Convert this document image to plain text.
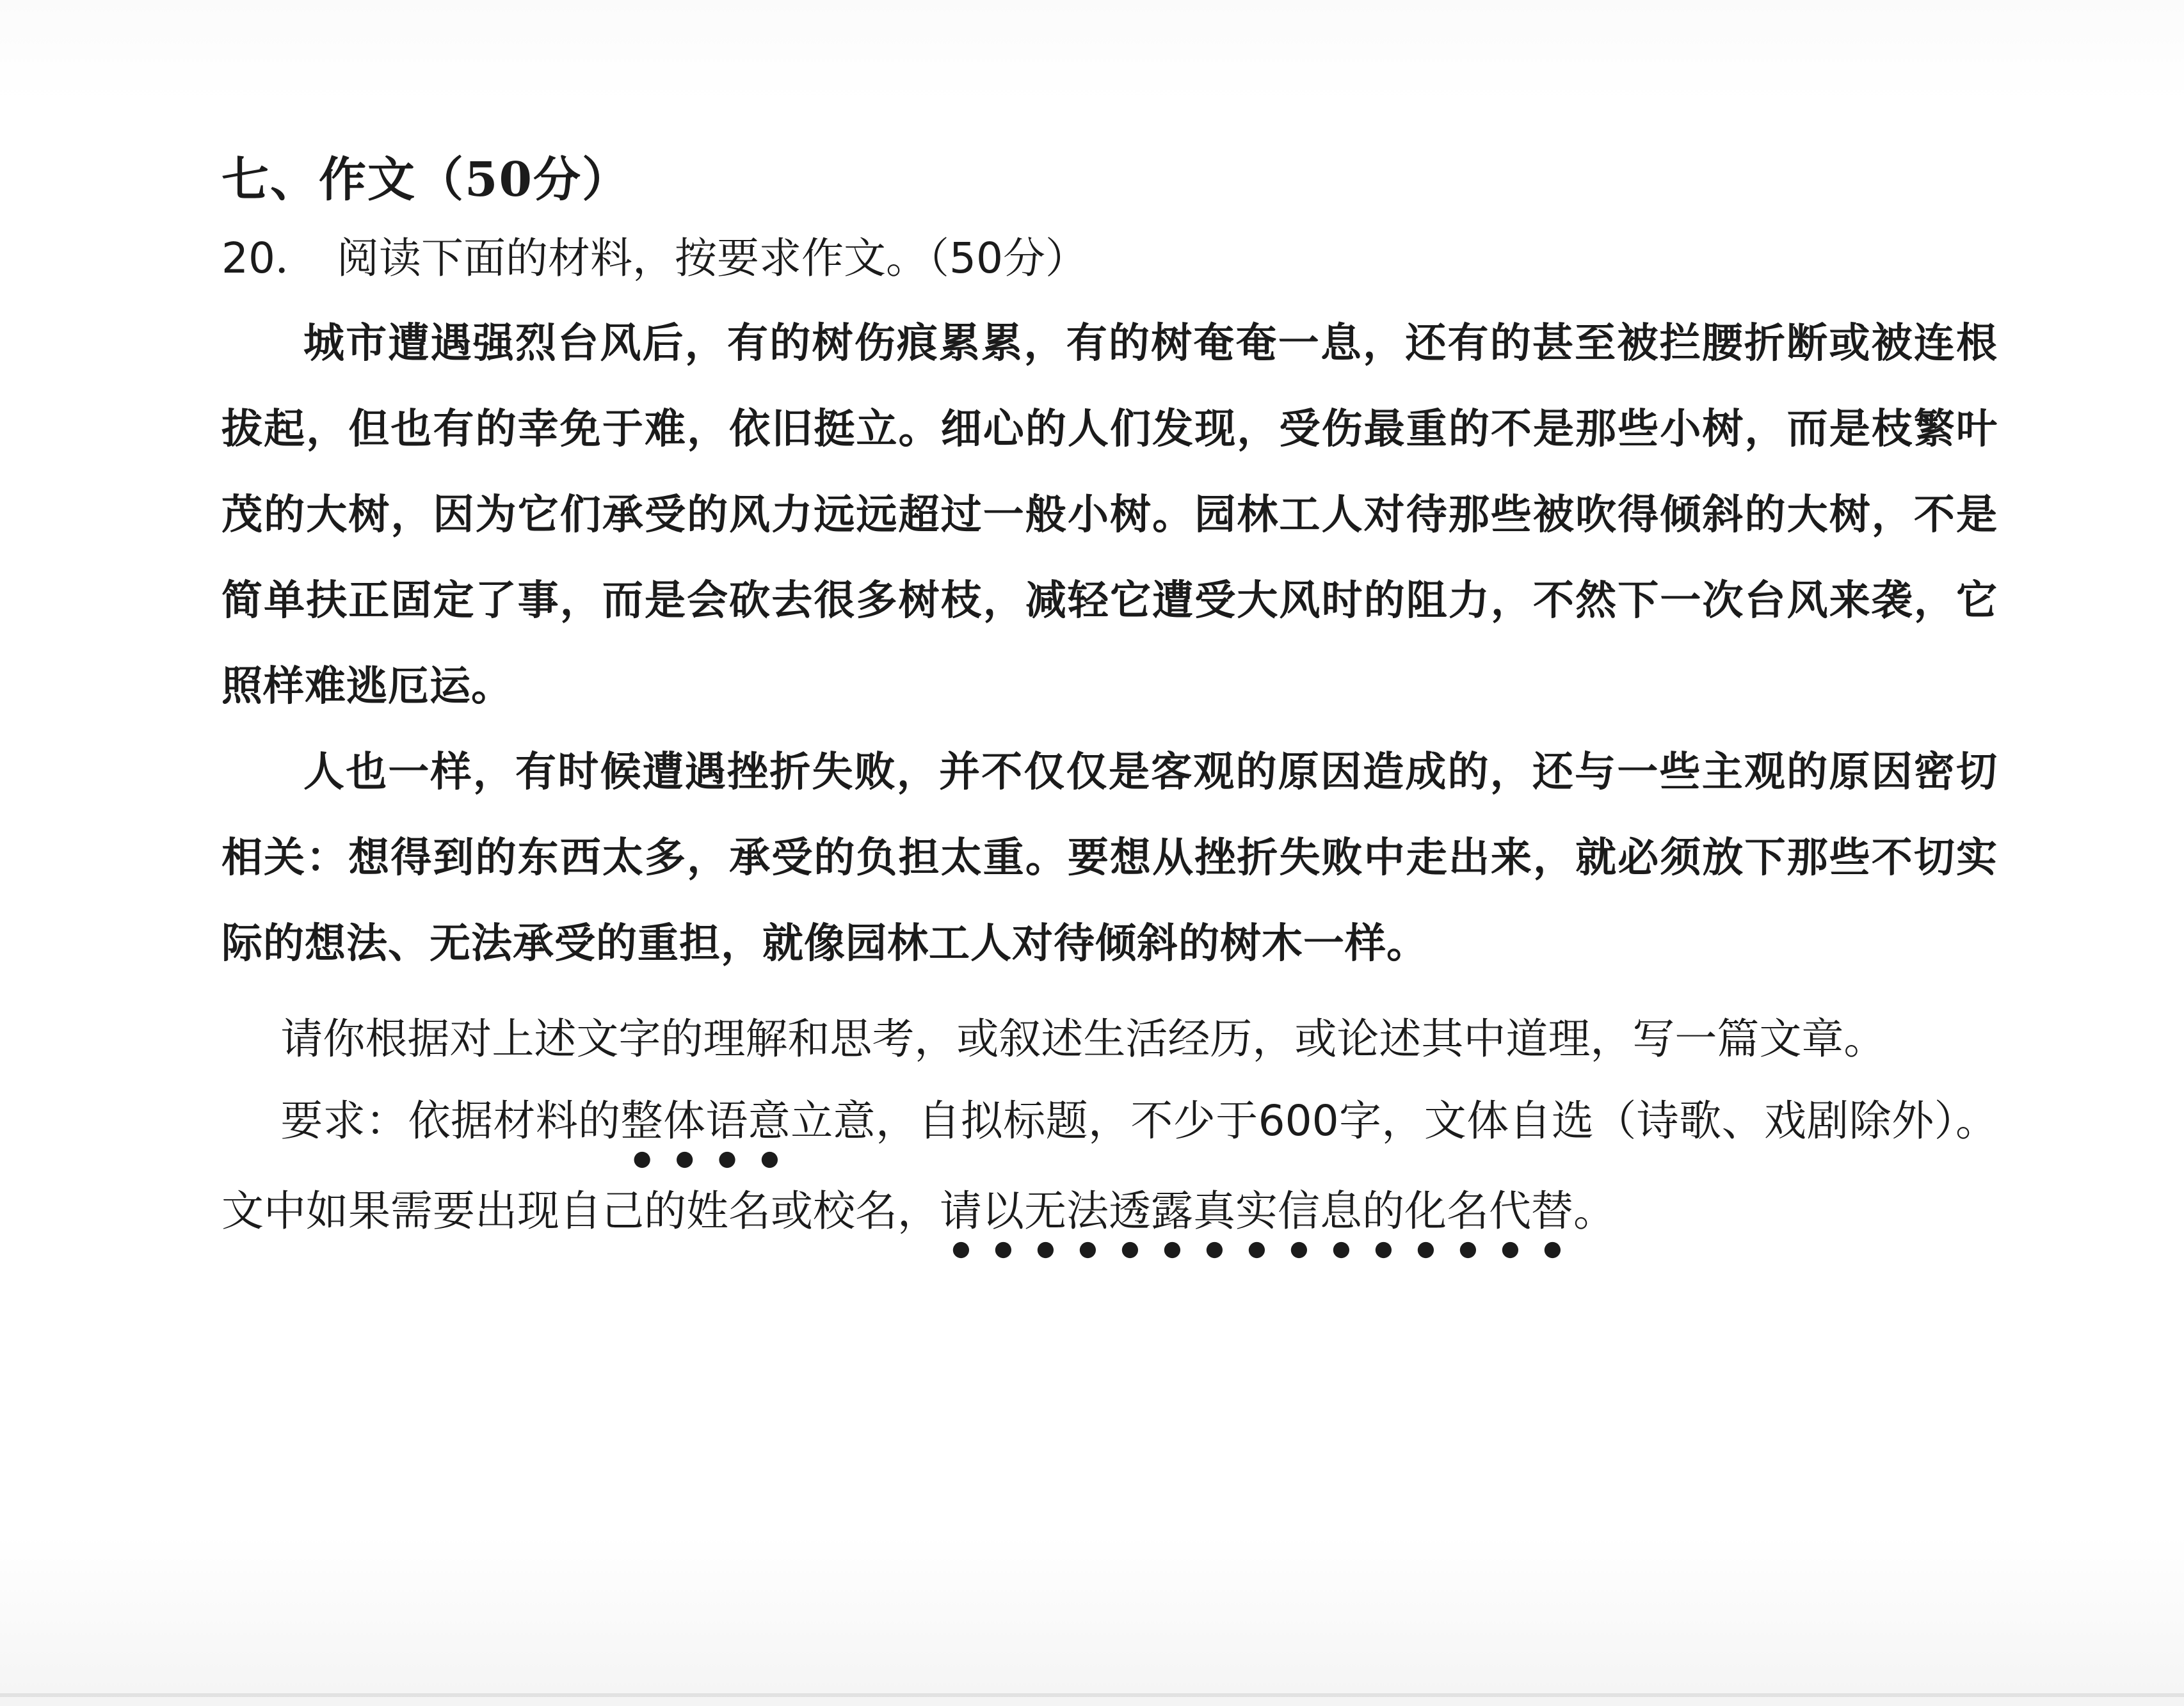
七、作文（50分）
20． 阅读下面的材料，按要求作文。（50分）

城市遭遇强烈台风后，有的树伤痕累累，有的树奄奄一息，还有的甚至被拦腰折断或被连根拔起，但也有的幸免于难，依旧挺立。细心的人们发现，受伤最重的不是那些小树，而是枝繁叶茂的大树，因为它们承受的风力远远超过一般小树。园林工人对待那些被吹得倾斜的大树，不是简单扶正固定了事，而是会砍去很多树枝，减轻它遭受大风时的阻力，不然下一次台风来袭，它照样难逃厄运。

人也一样，有时候遭遇挫折失败，并不仅仅是客观的原因造成的，还与一些主观的原因密切相关：想得到的东西太多，承受的负担太重。要想从挫折失败中走出来，就必须放下那些不切实际的想法、无法承受的重担，就像园林工人对待倾斜的树木一样。

请你根据对上述文字的理解和思考，或叙述生活经历，或论述其中道理，写一篇文章。

要求：依据材料的整体语意立意，自拟标题，不少于600字，文体自选（诗歌、戏剧除外）。文中如果需要出现自己的姓名或校名，请以无法透露真实信息的化名代替。
